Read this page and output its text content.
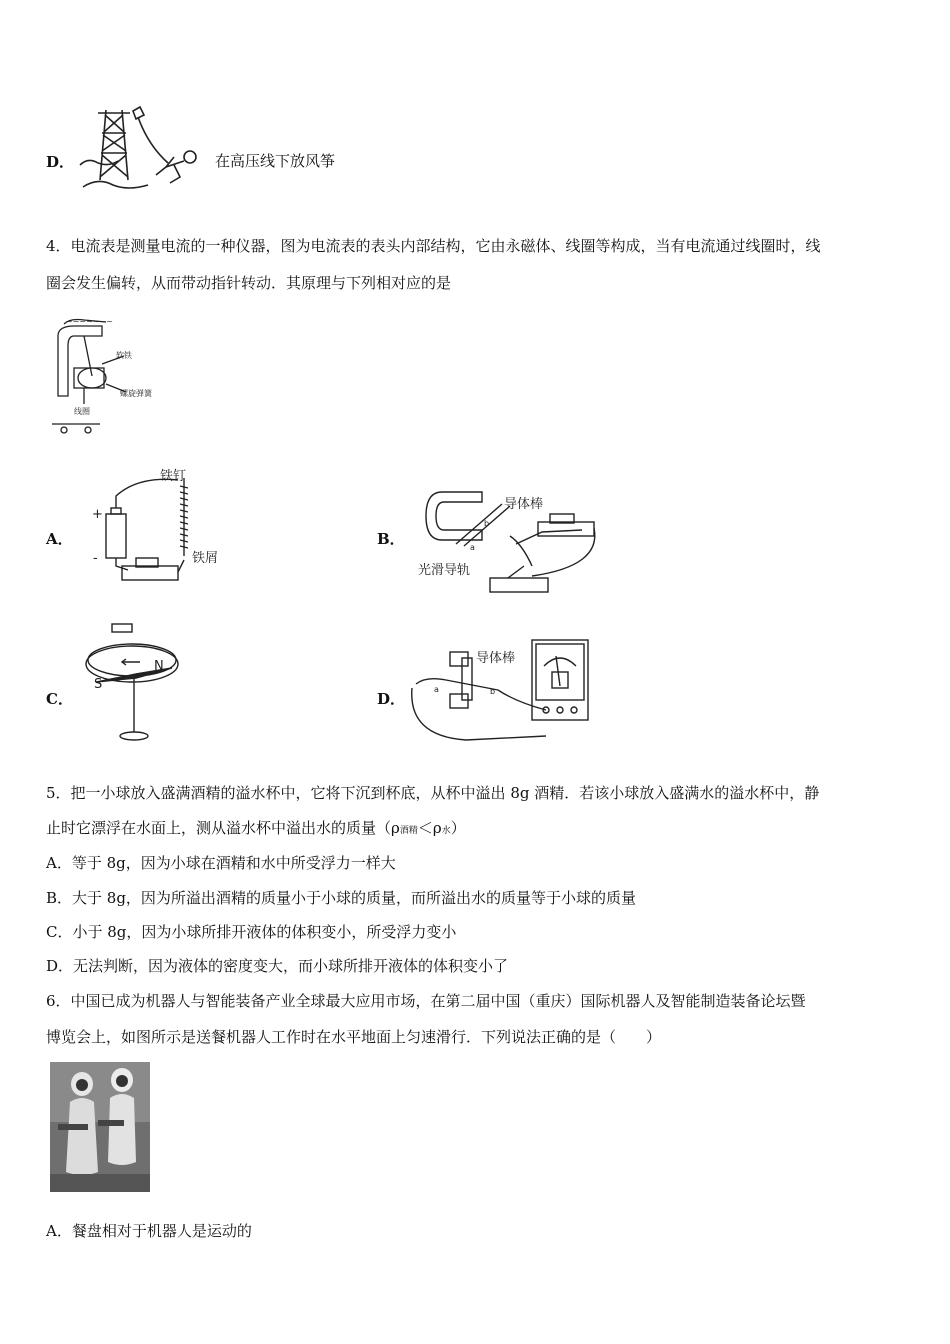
D．	在高压线下放风筝
4．电流表是测量电流的一种仪器，图为电流表的表头内部结构，它由永磁体、线圈等构成，当有电流通过线圈时，线
圈会发生偏转，从而带动指针转动．其原理与下列相对应的是
~~~~~~~
软铁
螺旋弹簧
线圈
A．
铁钉
铁屑
+
-
B．
导体棒
光滑导轨
a
b
C．
S
N
D．
导体棒
a	b
5．把一小球放入盛满酒精的溢水杯中，它将下沉到杯底，从杯中溢出 8g 酒精．若该小球放入盛满水的溢水杯中，静
止时它漂浮在水面上，测从溢水杯中溢出水的质量（ρ酒精＜ρ水）
A．等于 8g，因为小球在酒精和水中所受浮力一样大
B．大于 8g，因为所溢出酒精的质量小于小球的质量，而所溢出水的质量等于小球的质量
C．小于 8g，因为小球所排开液体的体积变小，所受浮力变小
D．无法判断，因为液体的密度变大，而小球所排开液体的体积变小了
6．中国已成为机器人与智能装备产业全球最大应用市场，在第二届中国（重庆）国际机器人及智能制造装备论坛暨
博览会上，如图所示是送餐机器人工作时在水平地面上匀速滑行．下列说法正确的是（　　）
A．餐盘相对于机器人是运动的
